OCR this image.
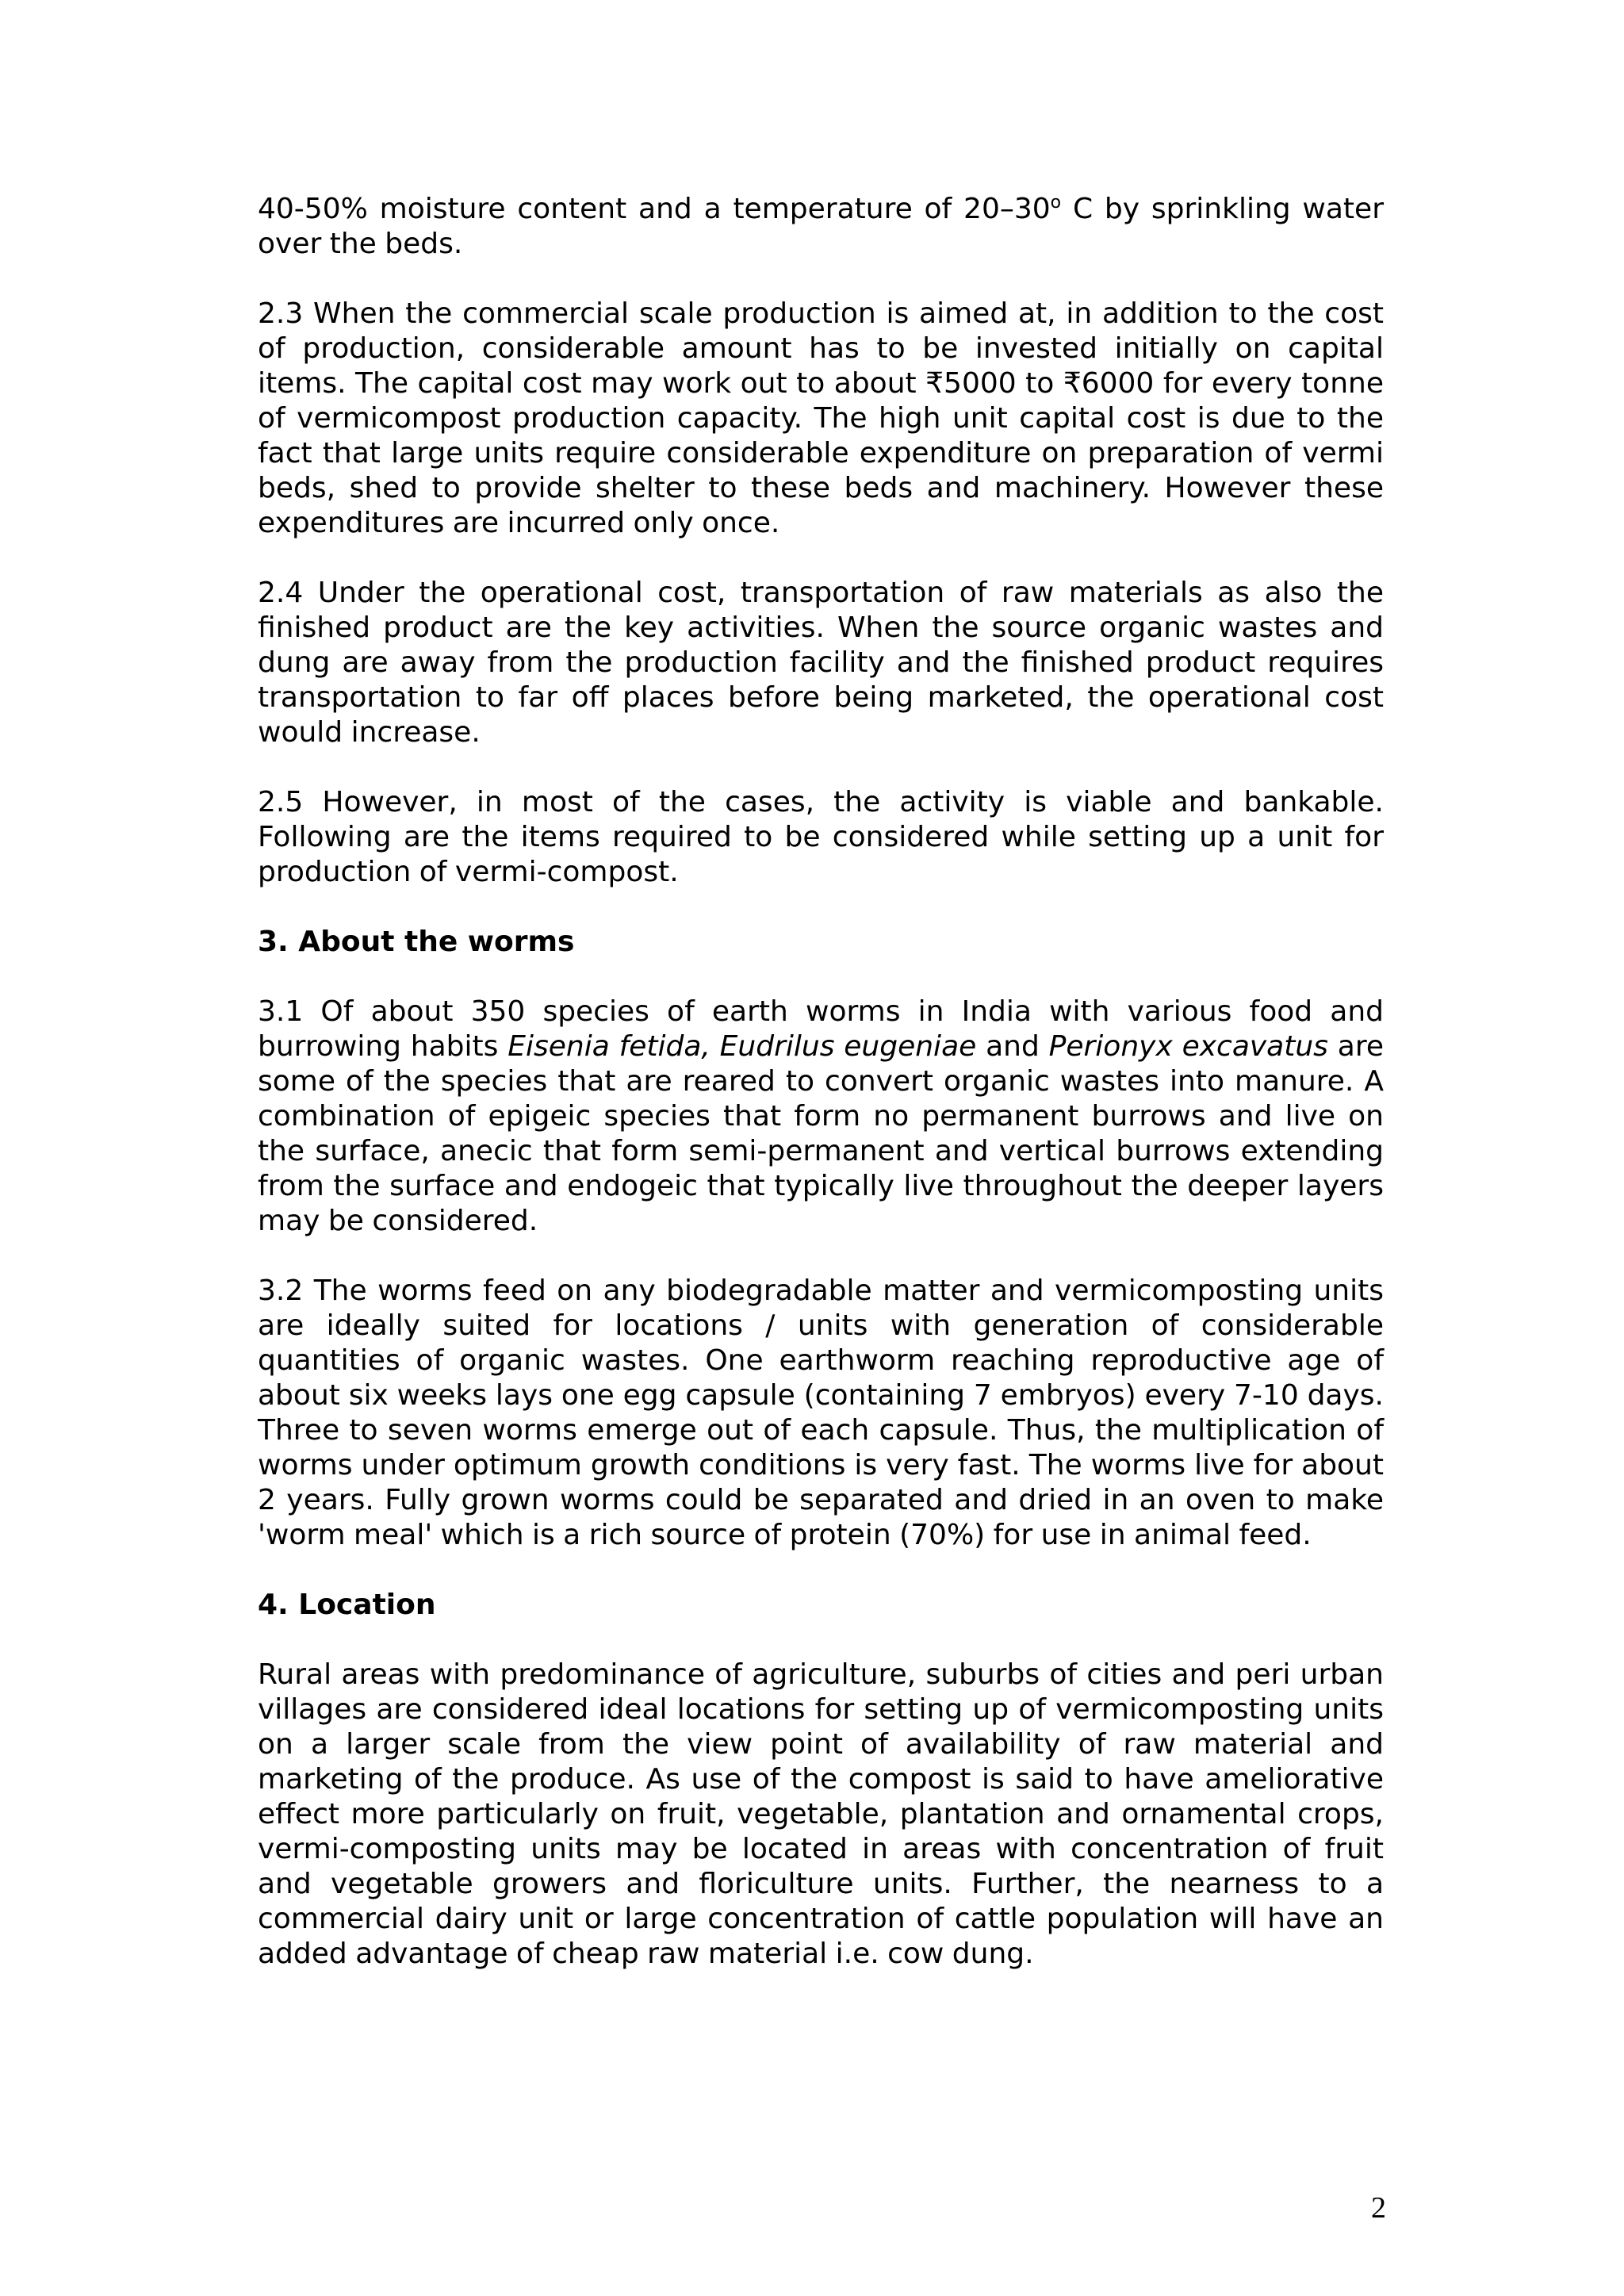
40-50% moisture content and a temperature of 20–30$^o$ C by sprinkling water over the beds.

2.3 When the commercial scale production is aimed at, in addition to the cost of production, considerable amount has to be invested initially on capital items. The capital cost may work out to about ₹5000 to ₹6000 for every tonne of vermicompost production capacity. The high unit capital cost is due to the fact that large units require considerable expenditure on preparation of vermi beds, shed to provide shelter to these beds and machinery. However these expenditures are incurred only once.

2.4 Under the operational cost, transportation of raw materials as also the finished product are the key activities. When the source organic wastes and dung are away from the production facility and the finished product requires transportation to far off places before being marketed, the operational cost would increase.

2.5 However, in most of the cases, the activity is viable and bankable. Following are the items required to be considered while setting up a unit for production of vermi-compost.

3. About the worms

3.1 Of about 350 species of earth worms in India with various food and burrowing habits Eisenia fetida, Eudrilus eugeniae and Perionyx excavatus are some of the species that are reared to convert organic wastes into manure. A combination of epigeic species that form no permanent burrows and live on the surface, anecic that form semi-permanent and vertical burrows extending from the surface and endogeic that typically live throughout the deeper layers may be considered.

3.2 The worms feed on any biodegradable matter and vermicomposting units are ideally suited for locations / units with generation of considerable quantities of organic wastes. One earthworm reaching reproductive age of about six weeks lays one egg capsule (containing 7 embryos) every 7-10 days. Three to seven worms emerge out of each capsule. Thus, the multiplication of worms under optimum growth conditions is very fast. The worms live for about 2 years. Fully grown worms could be separated and dried in an oven to make 'worm meal' which is a rich source of protein (70%) for use in animal feed.

4. Location

Rural areas with predominance of agriculture, suburbs of cities and peri urban villages are considered ideal locations for setting up of vermicomposting units on a larger scale from the view point of availability of raw material and marketing of the produce. As use of the compost is said to have ameliorative effect more particularly on fruit, vegetable, plantation and ornamental crops, vermi-composting units may be located in areas with concentration of fruit and vegetable growers and floriculture units. Further, the nearness to a commercial dairy unit or large concentration of cattle population will have an added advantage of cheap raw material i.e. cow dung.

2
